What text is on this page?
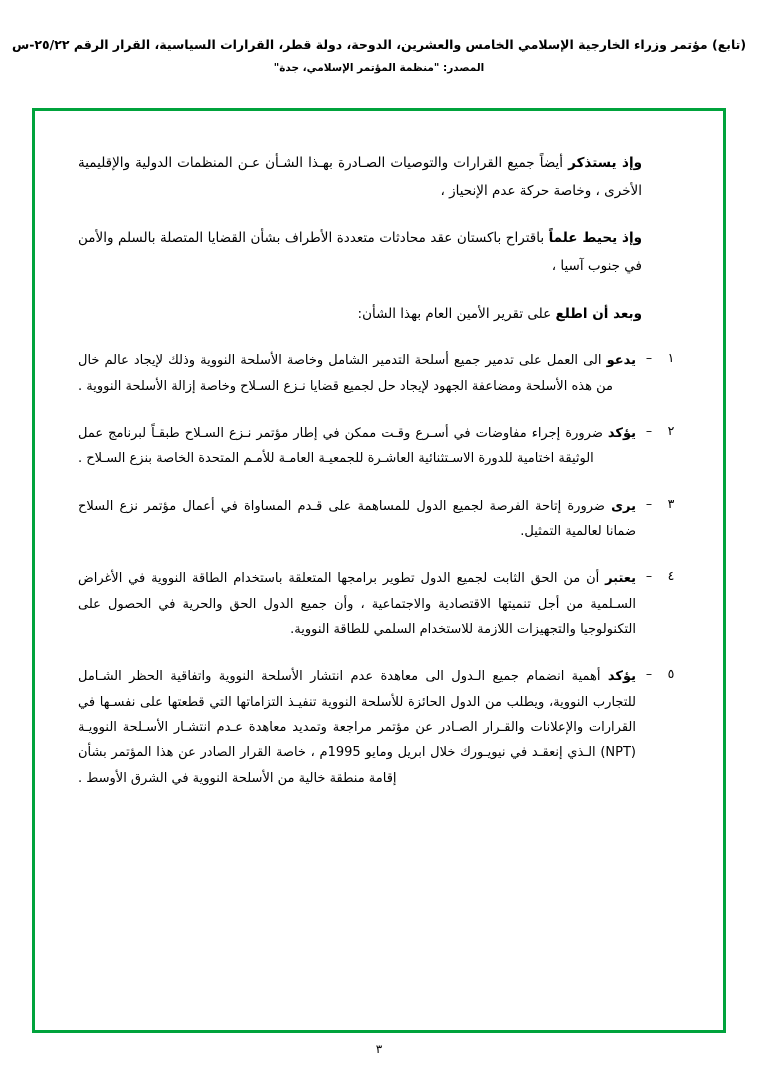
(تابع) مؤتمر وزراء الخارجية الإسلامي الخامس والعشرين، الدوحة، دولة قطر، القرارات السياسية، القرار الرقم ٢٥/٢٢-س
المصدر: "منظمة المؤتمر الإسلامي، جدة"

وإذ يستذكر أيضاً جميع القرارات والتوصيات الصـادرة بهـذا الشـأن عـن المنظمات الدولية والإقليمية الأخرى ، وخاصة حركة عدم الإنحياز ،

وإذ يحيط علماً باقتراح باكستان عقد محادثات متعددة الأطراف بشأن القضايا المتصلة بالسلم والأمن في جنوب آسيا ،

وبعد أن اطلع على تقرير الأمين العام بهذا الشأن:

١
–
يدعو الى العمل على تدمير جميع أسلحة التدمير الشامل وخاصة الأسلحة النووية وذلك لإيجاد عالم خال من هذه الأسلحة ومضاعفة الجهود لإيجاد حل لجميع قضايا نـزع السـلاح وخاصة إزالة الأسلحة النووية .
٢
–
يؤكد ضرورة إجراء مفاوضات في أسـرع وقـت ممكن في إطار مؤتمر نـزع السـلاح طبقـاً لبرنامج عمل الوثيقة اختامية للدورة الاسـتثنائية العاشـرة للجمعيـة العامـة للأمـم المتحدة الخاصة بنزع السـلاح .
٣
–
يرى ضرورة إتاحة الفرصة لجميع الدول للمساهمة على قـدم المساواة في أعمال مؤتمر نزع السلاح ضمانا لعالمية التمثيل.
٤
–
يعتبر أن من الحق الثابت لجميع الدول تطوير برامجها المتعلقة باستخدام الطاقة النووية في الأغراض السـلمية من أجل تنميتها الاقتصادية والاجتماعية ، وأن جميع الدول الحق والحرية في الحصول على التكنولوجيا والتجهيزات اللازمة للاستخدام السلمي للطاقة النووية.
٥
–
يؤكد أهمية انضمام جميع الـدول الى معاهدة عدم انتشار الأسلحة النووية واتفاقية الحظر الشـامل للتجارب النووية، ويطلب من الدول الحائزة للأسلحة النووية تنفيـذ التزاماتها التي قطعتها على نفسـها في القرارات والإعلانات والقـرار الصـادر عن مؤتمر مراجعة وتمديد معاهدة عـدم انتشـار الأسـلحة النوويـة (NPT) الـذي إنعقـد في نيويـورك خلال ابريل ومايو 1995م ، خاصة القرار الصادر عن هذا المؤتمر بشأن إقامة منطقة خالية من الأسلحة النووية في الشرق الأوسط .
٣
